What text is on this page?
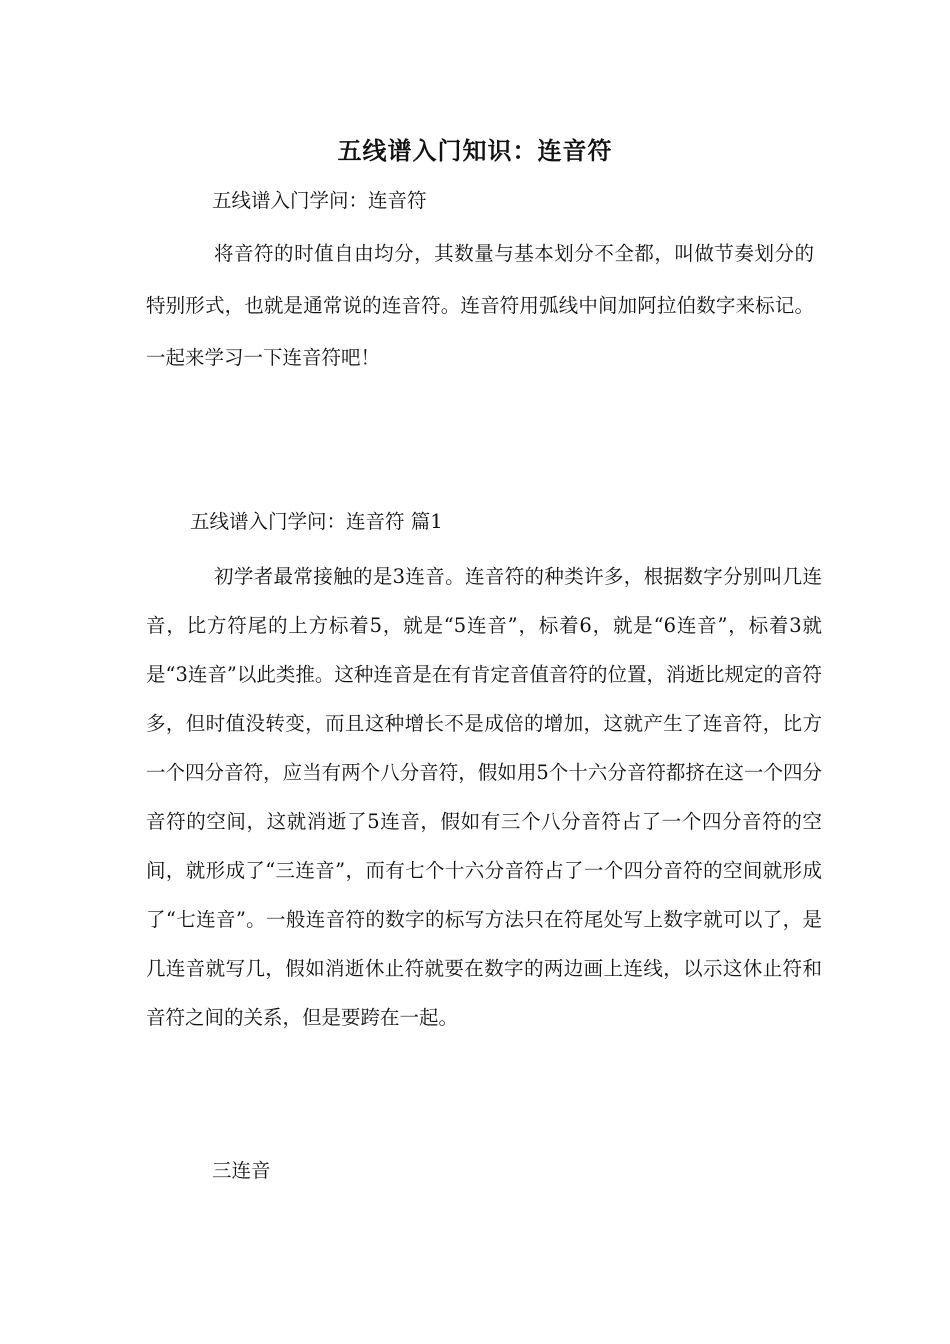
五线谱入门知识：连音符
五线谱入门学问：连音符
将音符的时值自由均分，其数量与基本划分不全都，叫做节奏划分的特别形式，也就是通常说的连音符。连音符用弧线中间加阿拉伯数字来标记。一起来学习一下连音符吧！
五线谱入门学问：连音符 篇1
初学者最常接触的是3连音。连音符的种类许多，根据数字分别叫几连音，比方符尾的上方标着5，就是“5连音”，标着6，就是“6连音”，标着3就是“3连音”以此类推。这种连音是在有肯定音值音符的位置，消逝比规定的音符多，但时值没转变，而且这种增长不是成倍的增加，这就产生了连音符，比方一个四分音符，应当有两个八分音符，假如用5个十六分音符都挤在这一个四分音符的空间，这就消逝了5连音，假如有三个八分音符占了一个四分音符的空间，就形成了“三连音”，而有七个十六分音符占了一个四分音符的空间就形成了“七连音”。一般连音符的数字的标写方法只在符尾处写上数字就可以了，是几连音就写几，假如消逝休止符就要在数字的两边画上连线，以示这休止符和音符之间的关系，但是要跨在一起。
三连音
